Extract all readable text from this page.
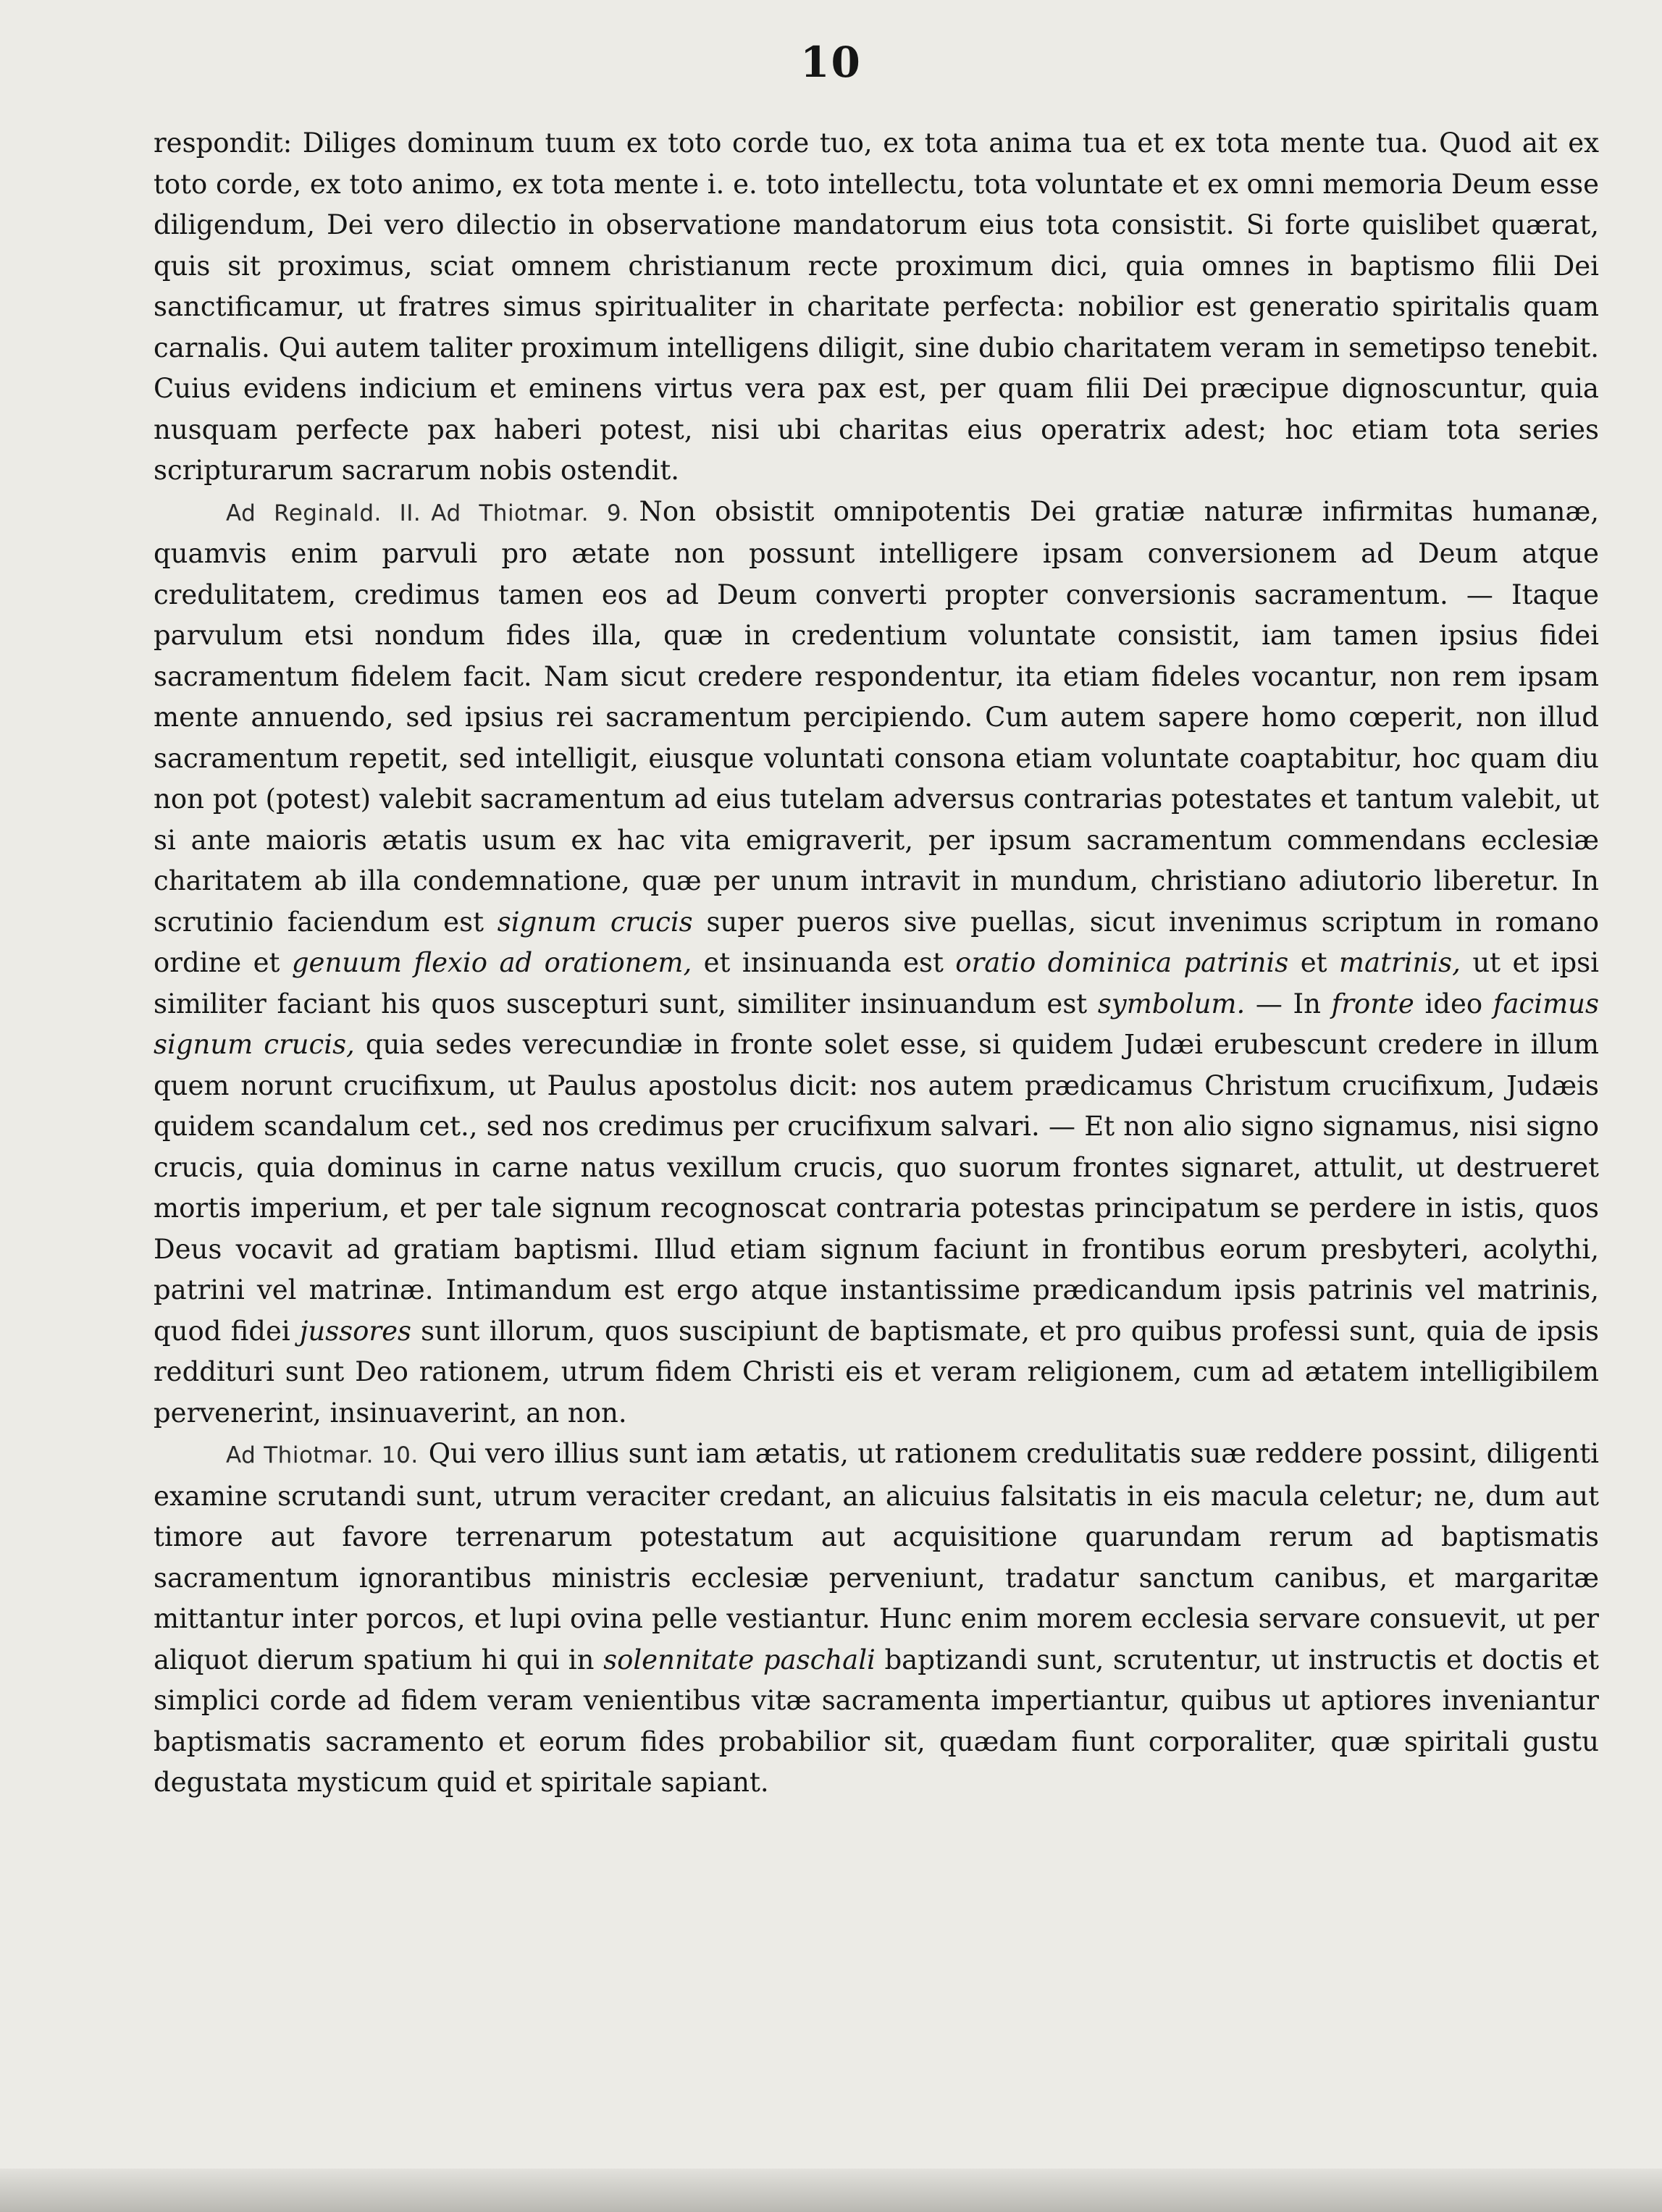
10

respondit: Diliges dominum tuum ex toto corde tuo, ex tota anima tua et ex tota mente tua. Quod ait ex toto corde, ex toto animo, ex tota mente i. e. toto intellectu, tota voluntate et ex omni memoria Deum esse diligendum, Dei vero dilectio in observatione mandatorum eius tota consistit. Si forte quislibet quærat, quis sit proximus, sciat omnem christianum recte proximum dici, quia omnes in baptismo filii Dei sanctificamur, ut fratres simus spiritualiter in charitate perfecta: nobilior est generatio spiritalis quam carnalis. Qui autem taliter proximum intelligens diligit, sine dubio charitatem veram in semetipso tenebit. Cuius evidens indicium et eminens virtus vera pax est, per quam filii Dei præcipue dignoscuntur, quia nusquam perfecte pax haberi potest, nisi ubi charitas eius operatrix adest; hoc etiam tota series scripturarum sacrarum nobis ostendit.

Ad Reginald. II. Ad Thiotmar. 9. Non obsistit omnipotentis Dei gratiæ naturæ infirmitas humanæ, quamvis enim parvuli pro ætate non possunt intelligere ipsam conversionem ad Deum atque credulitatem, credimus tamen eos ad Deum converti propter conversionis sacramentum. — Itaque parvulum etsi nondum fides illa, quæ in credentium voluntate consistit, iam tamen ipsius fidei sacramentum fidelem facit. Nam sicut credere respondentur, ita etiam fideles vocantur, non rem ipsam mente annuendo, sed ipsius rei sacramentum percipiendo. Cum autem sapere homo cœperit, non illud sacramentum repetit, sed intelligit, eiusque voluntati consona etiam voluntate coaptabitur, hoc quam diu non pot (potest) valebit sacramentum ad eius tutelam adversus contrarias potestates et tantum valebit, ut si ante maioris ætatis usum ex hac vita emigraverit, per ipsum sacramentum commendans ecclesiæ charitatem ab illa condemnatione, quæ per unum intravit in mundum, christiano adiutorio liberetur. In scrutinio faciendum est signum crucis super pueros sive puellas, sicut invenimus scriptum in romano ordine et genuum flexio ad orationem, et insinuanda est oratio dominica patrinis et matrinis, ut et ipsi similiter faciant his quos suscepturi sunt, similiter insinuandum est symbolum. — In fronte ideo facimus signum crucis, quia sedes verecundiæ in fronte solet esse, si quidem Judæi erubescunt credere in illum quem norunt crucifixum, ut Paulus apostolus dicit: nos autem prædicamus Christum crucifixum, Judæis quidem scandalum cet., sed nos credimus per crucifixum salvari. — Et non alio signo signamus, nisi signo crucis, quia dominus in carne natus vexillum crucis, quo suorum frontes signaret, attulit, ut destrueret mortis imperium, et per tale signum recognoscat contraria potestas principatum se perdere in istis, quos Deus vocavit ad gratiam baptismi. Illud etiam signum faciunt in frontibus eorum presbyteri, acolythi, patrini vel matrinæ. Intimandum est ergo atque instantissime prædicandum ipsis patrinis vel matrinis, quod fidei jussores sunt illorum, quos suscipiunt de baptismate, et pro quibus professi sunt, quia de ipsis reddituri sunt Deo rationem, utrum fidem Christi eis et veram religionem, cum ad ætatem intelligibilem pervenerint, insinuaverint, an non.

Ad Thiotmar. 10. Qui vero illius sunt iam ætatis, ut rationem credulitatis suæ reddere possint, diligenti examine scrutandi sunt, utrum veraciter credant, an alicuius falsitatis in eis macula celetur; ne, dum aut timore aut favore terrenarum potestatum aut acquisitione quarundam rerum ad baptismatis sacramentum ignorantibus ministris ecclesiæ perveniunt, tradatur sanctum canibus, et margaritæ mittantur inter porcos, et lupi ovina pelle vestiantur. Hunc enim morem ecclesia servare consuevit, ut per aliquot dierum spatium hi qui in solennitate paschali baptizandi sunt, scrutentur, ut instructis et doctis et simplici corde ad fidem veram venientibus vitæ sacramenta impertiantur, quibus ut aptiores inveniantur baptismatis sacramento et eorum fides probabilior sit, quædam fiunt corporaliter, quæ spiritali gustu degustata mysticum quid et spiritale sapiant.
